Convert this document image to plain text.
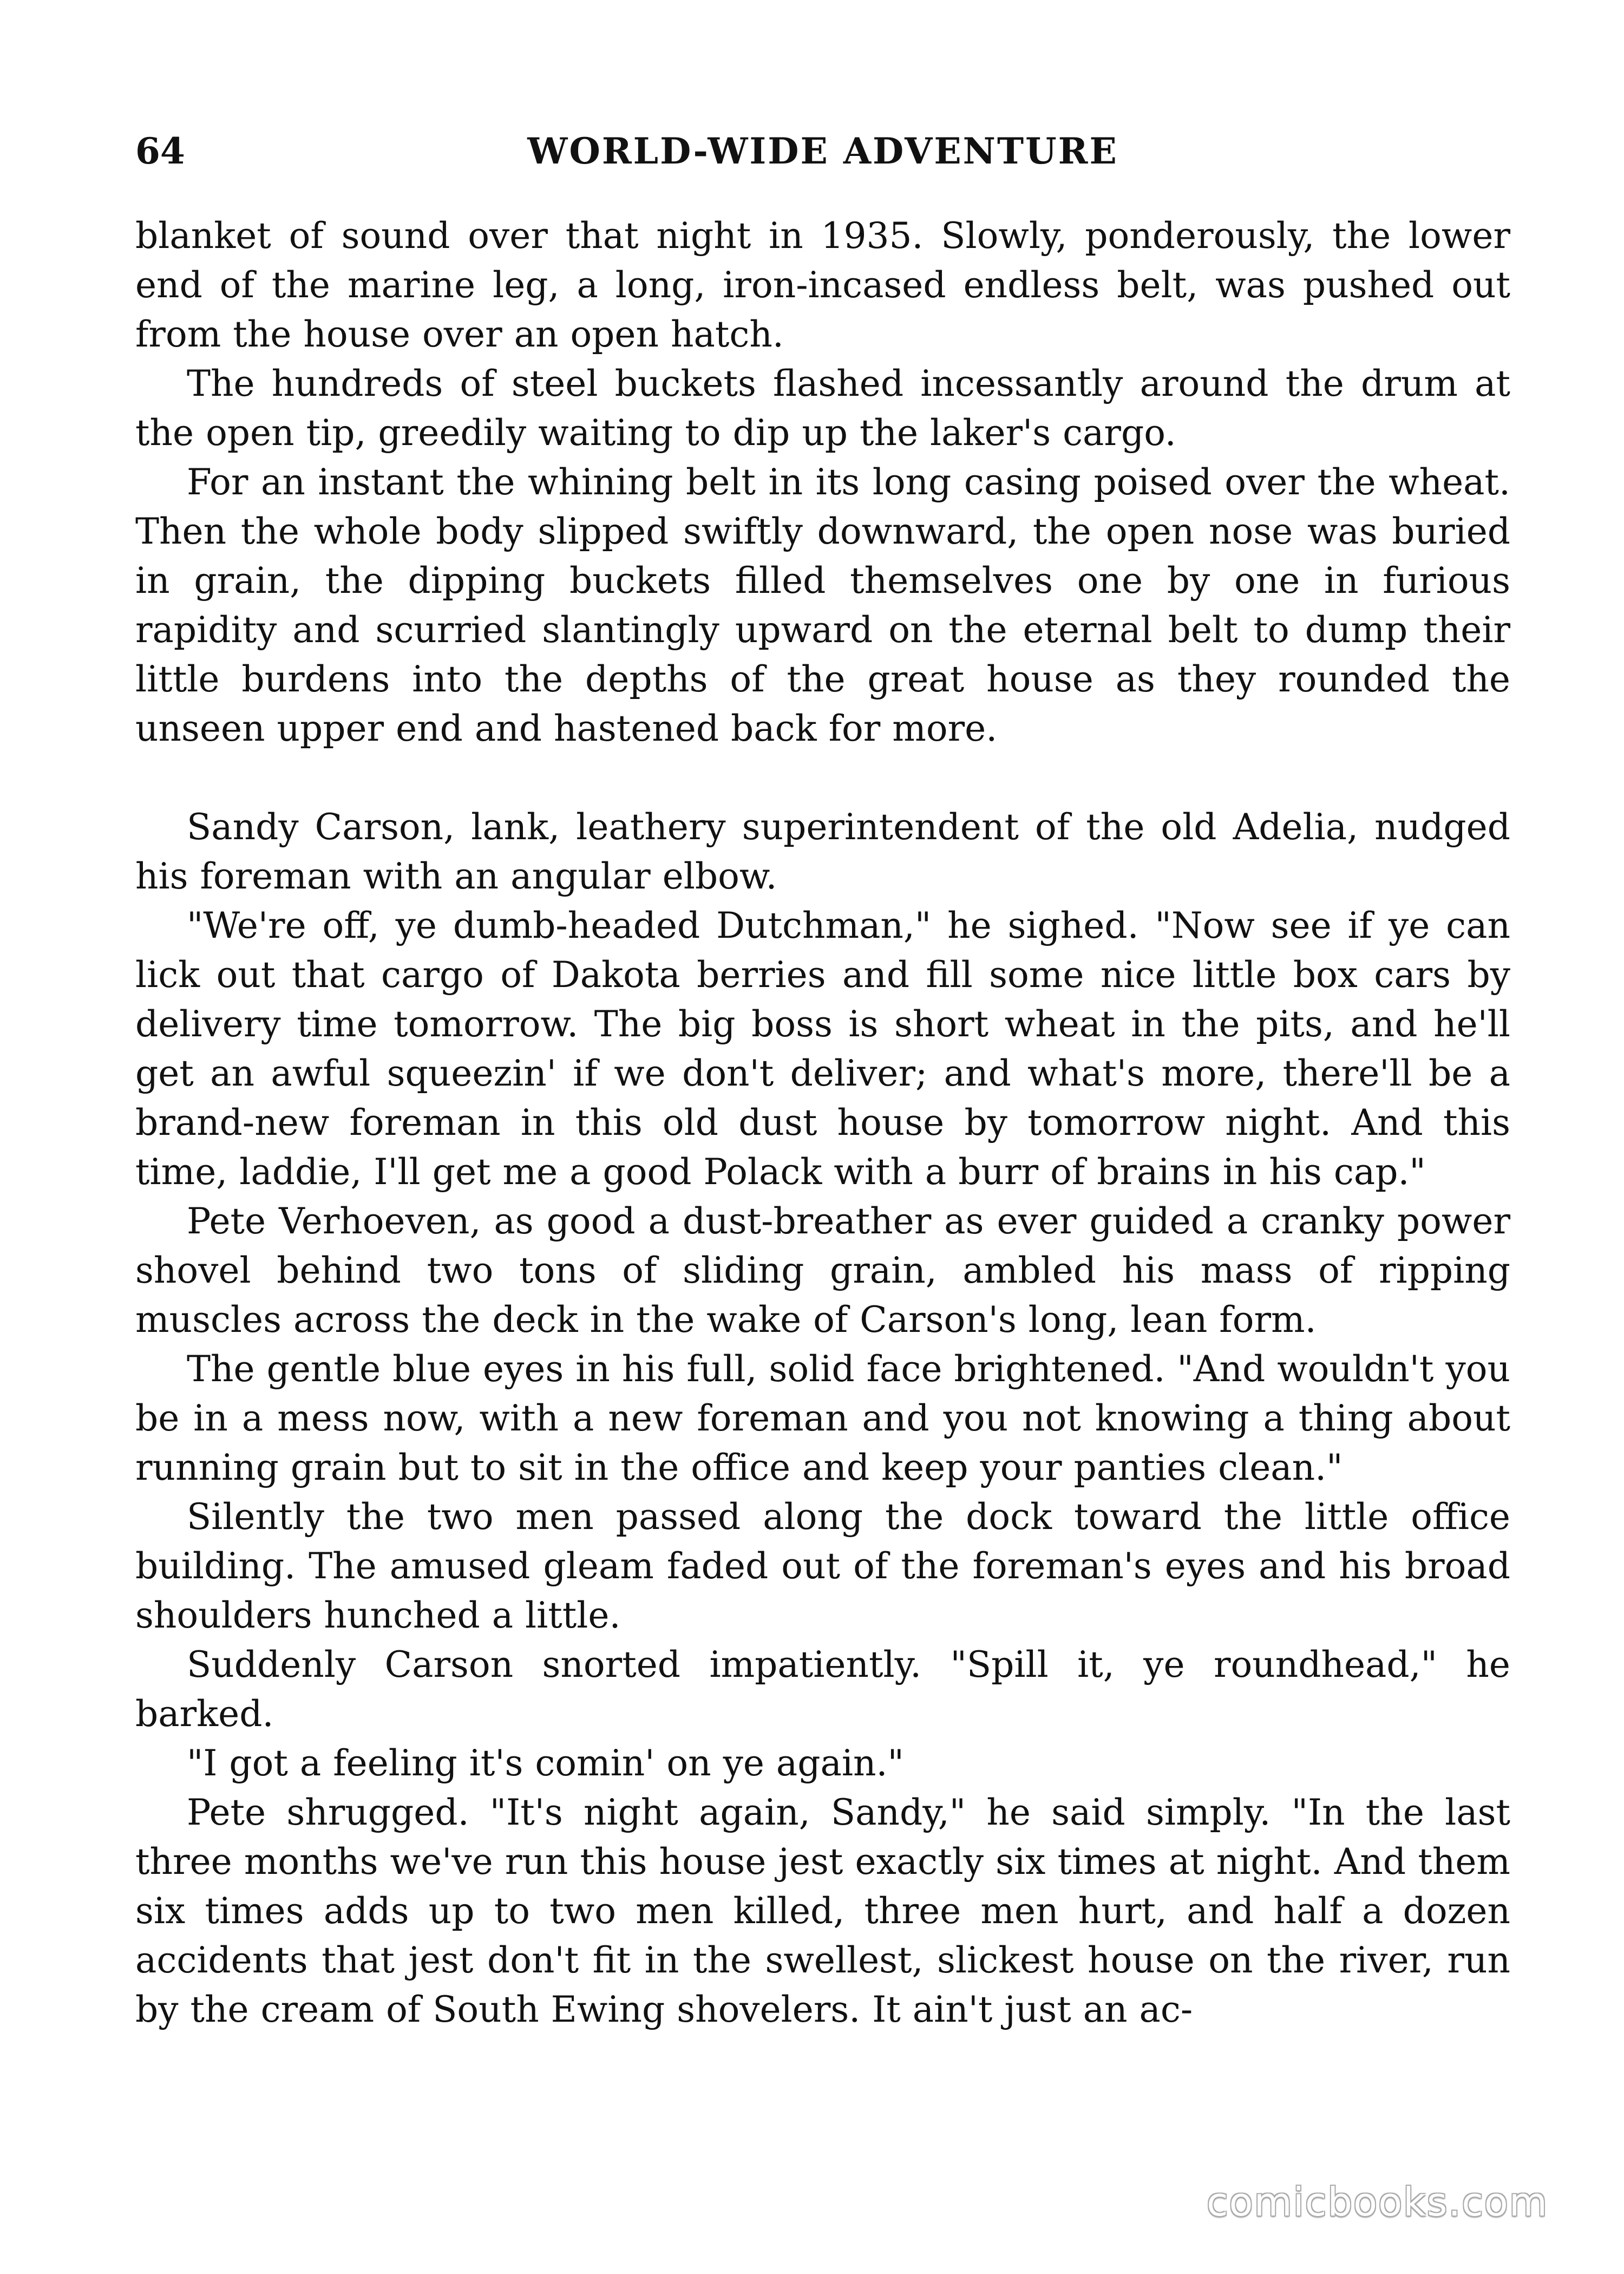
64	WORLD-WIDE ADVENTURE

blanket of sound over that night in 1935. Slowly, ponderously, the lower end of the marine leg, a long, iron-incased endless belt, was pushed out from the house over an open hatch.

The hundreds of steel buckets flashed incessantly around the drum at the open tip, greedily waiting to dip up the laker's cargo.

For an instant the whining belt in its long casing poised over the wheat. Then the whole body slipped swiftly downward, the open nose was buried in grain, the dipping buckets filled themselves one by one in furious rapidity and scurried slantingly upward on the eternal belt to dump their little burdens into the depths of the great house as they rounded the unseen upper end and hastened back for more.

Sandy Carson, lank, leathery superintendent of the old Adelia, nudged his foreman with an angular elbow.

"We're off, ye dumb-headed Dutchman," he sighed. "Now see if ye can lick out that cargo of Dakota berries and fill some nice little box cars by delivery time tomorrow. The big boss is short wheat in the pits, and he'll get an awful squeezin' if we don't deliver; and what's more, there'll be a brand-new foreman in this old dust house by tomorrow night. And this time, laddie, I'll get me a good Polack with a burr of brains in his cap."

Pete Verhoeven, as good a dust-breather as ever guided a cranky power shovel behind two tons of sliding grain, ambled his mass of ripping muscles across the deck in the wake of Carson's long, lean form.

The gentle blue eyes in his full, solid face brightened. "And wouldn't you be in a mess now, with a new foreman and you not knowing a thing about running grain but to sit in the office and keep your panties clean."

Silently the two men passed along the dock toward the little office building. The amused gleam faded out of the foreman's eyes and his broad shoulders hunched a little.

Suddenly Carson snorted impatiently. "Spill it, ye roundhead," he barked.

"I got a feeling it's comin' on ye again."

Pete shrugged. "It's night again, Sandy," he said simply. "In the last three months we've run this house jest exactly six times at night. And them six times adds up to two men killed, three men hurt, and half a dozen accidents that jest don't fit in the swellest, slickest house on the river, run by the cream of South Ewing shovelers. It ain't just an ac-

comicbooks.com
